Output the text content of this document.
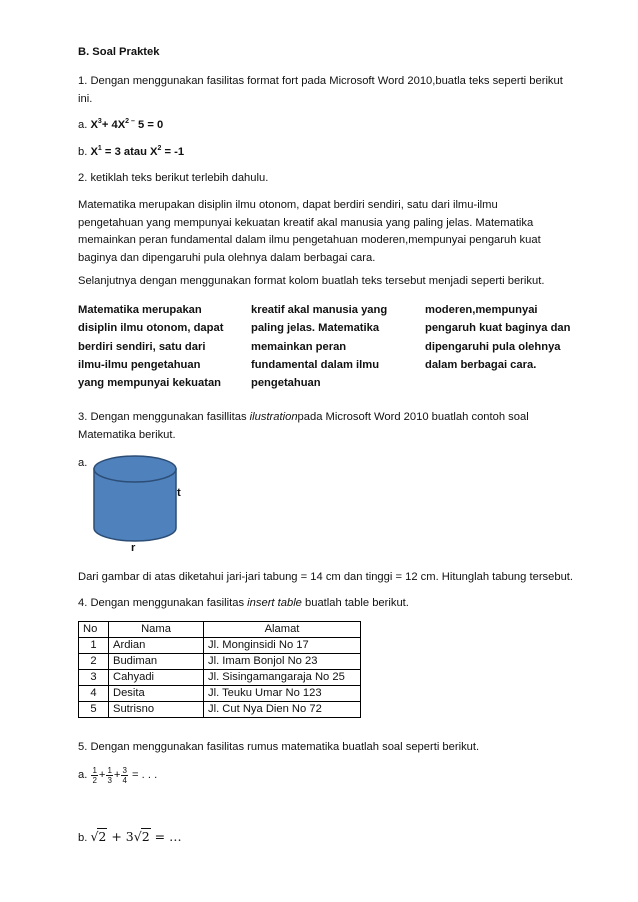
B. Soal Praktek
1. Dengan menggunakan fasilitas format fort pada Microsoft Word 2010,buatla teks seperti berikut ini.
a. $X^3+ 4X^{2 -}$ 5 = 0
b. $X^1 = 3$ atau $X^2 = -1$
2. ketiklah teks berikut terlebih dahulu.
Matematika merupakan disiplin ilmu otonom, dapat berdiri sendiri, satu dari ilmu-ilmu pengetahuan yang mempunyai kekuatan kreatif akal manusia yang paling jelas. Matematika memainkan peran fundamental dalam ilmu pengetahuan moderen,mempunyai pengaruh kuat baginya dan dipengaruhi pula olehnya dalam berbagai cara.
Selanjutnya dengan menggunakan format kolom buatlah teks tersebut menjadi seperti berikut.
Matematika merupakan
disiplin ilmu otonom, dapat
berdiri sendiri, satu dari
ilmu-ilmu pengetahuan
yang mempunyai kekuatan
kreatif akal manusia yang
paling jelas. Matematika
memainkan peran
fundamental dalam ilmu
pengetahuan
moderen,mempunyai
pengaruh kuat baginya dan
dipengaruhi pula olehnya
dalam berbagai cara.
3. Dengan menggunakan fasillitas ilustrationpada Microsoft Word 2010 buatlah contoh soal
Matematika berikut.
a.
t
r
Dari gambar di atas diketahui jari-jari tabung = 14 cm dan tinggi = 12 cm. Hitunglah tabung tersebut.
4. Dengan menggunakan fasilitas insert table buatlah table berikut.
No	Nama	Alamat
1	Ardian	Jl. Monginsidi No 17
2	Budiman	Jl. Imam Bonjol No 23
3	Cahyadi	Jl. Sisingamangaraja No 25
4	Desita	Jl. Teuku Umar No 123
5	Sutrisno	Jl. Cut Nya Dien No 72
5. Dengan menggunakan fasilitas rumus matematika buatlah soal seperti berikut.
a. $\frac{1}{2} + \frac{1}{3} + \frac{3}{4}$ = . . .
b. √2 + 3√2 = …
